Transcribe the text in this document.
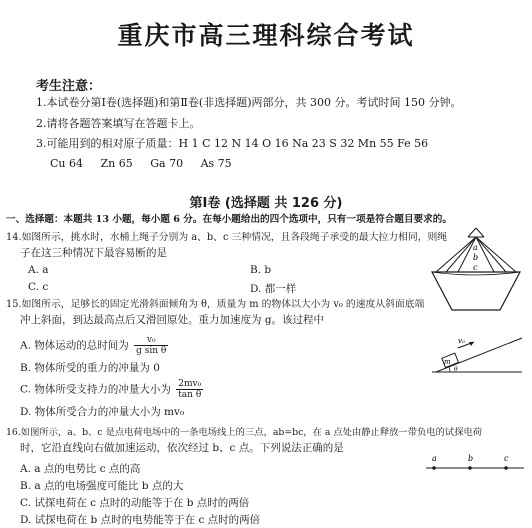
重庆市高三理科综合考试
考生注意：
1.本试卷分第Ⅰ卷(选择题)和第Ⅱ卷(非选择题)两部分，共 300 分。考试时间 150 分钟。
2.请将各题答案填写在答题卡上。
3.可能用到的相对原子质量：H 1 C 12 N 14 O 16 Na 23 S 32 Mn 55 Fe 56
Cu 64 Zn 65 Ga 70 As 75
第Ⅰ卷 (选择题 共 126 分)
一、选择题：本题共 13 小题，每小题 6 分。在每小题给出的四个选项中，只有一项是符合题目要求的。
14.如图所示，挑水时，水桶上绳子分别为 a、b、c 三种情况，且各段绳子承受的最大拉力相同，则绳
子在这三种情况下最容易断的是
A. a	B. b
C. c	D. 都一样
a
b
c
15.如图所示，足够长的固定光滑斜面倾角为 θ，质量为 m 的物体以大小为 v₀ 的速度从斜面底端
冲上斜面，到达最高点后又滑回原处。重力加速度为 g。该过程中
A. 物体运动的总时间为 $\frac{\text{v₀}}{\text{g sin θ}}$
B. 物体所受的重力的冲量为 0
C. 物体所受支持力的冲量大小为 $\frac{\text{2mv₀}}{\text{tan θ}}$
D. 物体所受合力的冲量大小为 mv₀
m
v₀
θ
16.如图所示，a、b、c 是点电荷电场中的一条电场线上的三点，ab=bc，在 a 点处由静止释放一带负电的试探电荷
时，它沿直线向右做加速运动，依次经过 b、c 点。下列说法正确的是
A. a 点的电势比 c 点的高
B. a 点的电场强度可能比 b 点的大
C. 试探电荷在 c 点时的动能等于在 b 点时的两倍
D. 试探电荷在 b 点时的电势能等于在 c 点时的两倍
a	b	c
